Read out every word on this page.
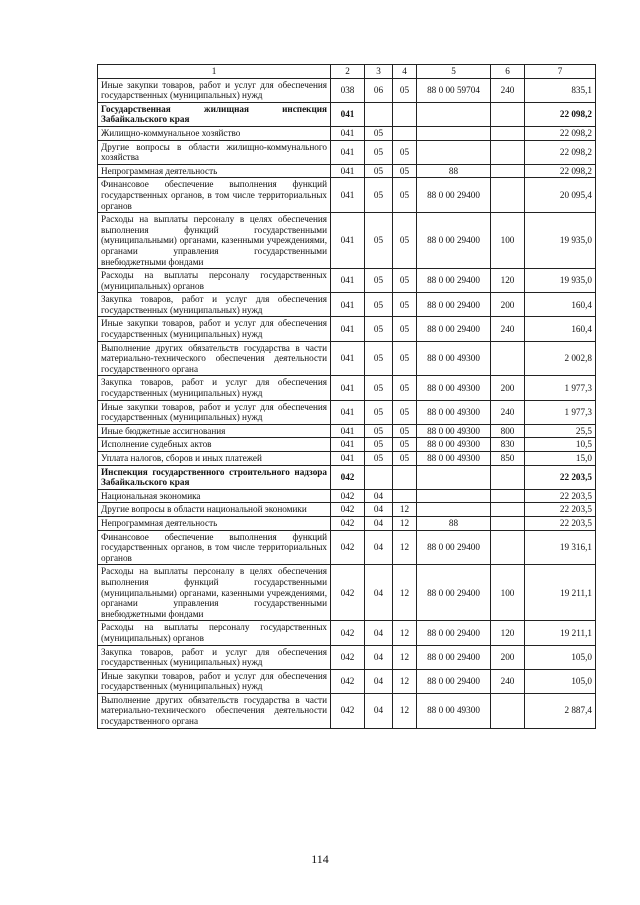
1	2	3	4	5	6	7
Иные закупки товаров, работ и услуг для обеспечения государственных (муниципальных) нужд	038	06	05	88 0 00 59704	240	835,1
Государственная жилищная инспекция Забайкальского края	041					22 098,2
Жилищно-коммунальное хозяйство	041	05				22 098,2
Другие вопросы в области жилищно-коммунального хозяйства	041	05	05			22 098,2
Непрограммная деятельность	041	05	05	88		22 098,2
Финансовое обеспечение выполнения функций государственных органов, в том числе территориальных органов	041	05	05	88 0 00 29400		20 095,4
Расходы на выплаты персоналу в целях обеспечения выполнения функций государственными (муниципальными) органами, казенными учреждениями, органами управления государственными внебюджетными фондами	041	05	05	88 0 00 29400	100	19 935,0
Расходы на выплаты персоналу государственных (муниципальных) органов	041	05	05	88 0 00 29400	120	19 935,0
Закупка товаров, работ и услуг для обеспечения государственных (муниципальных) нужд	041	05	05	88 0 00 29400	200	160,4
Иные закупки товаров, работ и услуг для обеспечения государственных (муниципальных) нужд	041	05	05	88 0 00 29400	240	160,4
Выполнение других обязательств государства в части материально-технического обеспечения деятельности государственного органа	041	05	05	88 0 00 49300		2 002,8
Закупка товаров, работ и услуг для обеспечения государственных (муниципальных) нужд	041	05	05	88 0 00 49300	200	1 977,3
Иные закупки товаров, работ и услуг для обеспечения государственных (муниципальных) нужд	041	05	05	88 0 00 49300	240	1 977,3
Иные бюджетные ассигнования	041	05	05	88 0 00 49300	800	25,5
Исполнение судебных актов	041	05	05	88 0 00 49300	830	10,5
Уплата налогов, сборов и иных платежей	041	05	05	88 0 00 49300	850	15,0
Инспекция государственного строительного надзора Забайкальского края	042					22 203,5
Национальная экономика	042	04				22 203,5
Другие вопросы в области национальной экономики	042	04	12			22 203,5
Непрограммная деятельность	042	04	12	88		22 203,5
Финансовое обеспечение выполнения функций государственных органов, в том числе территориальных органов	042	04	12	88 0 00 29400		19 316,1
Расходы на выплаты персоналу в целях обеспечения выполнения функций государственными (муниципальными) органами, казенными учреждениями, органами управления государственными внебюджетными фондами	042	04	12	88 0 00 29400	100	19 211,1
Расходы на выплаты персоналу государственных (муниципальных) органов	042	04	12	88 0 00 29400	120	19 211,1
Закупка товаров, работ и услуг для обеспечения государственных (муниципальных) нужд	042	04	12	88 0 00 29400	200	105,0
Иные закупки товаров, работ и услуг для обеспечения государственных (муниципальных) нужд	042	04	12	88 0 00 29400	240	105,0
Выполнение других обязательств государства в части материально-технического обеспечения деятельности государственного органа	042	04	12	88 0 00 49300		2 887,4
114
